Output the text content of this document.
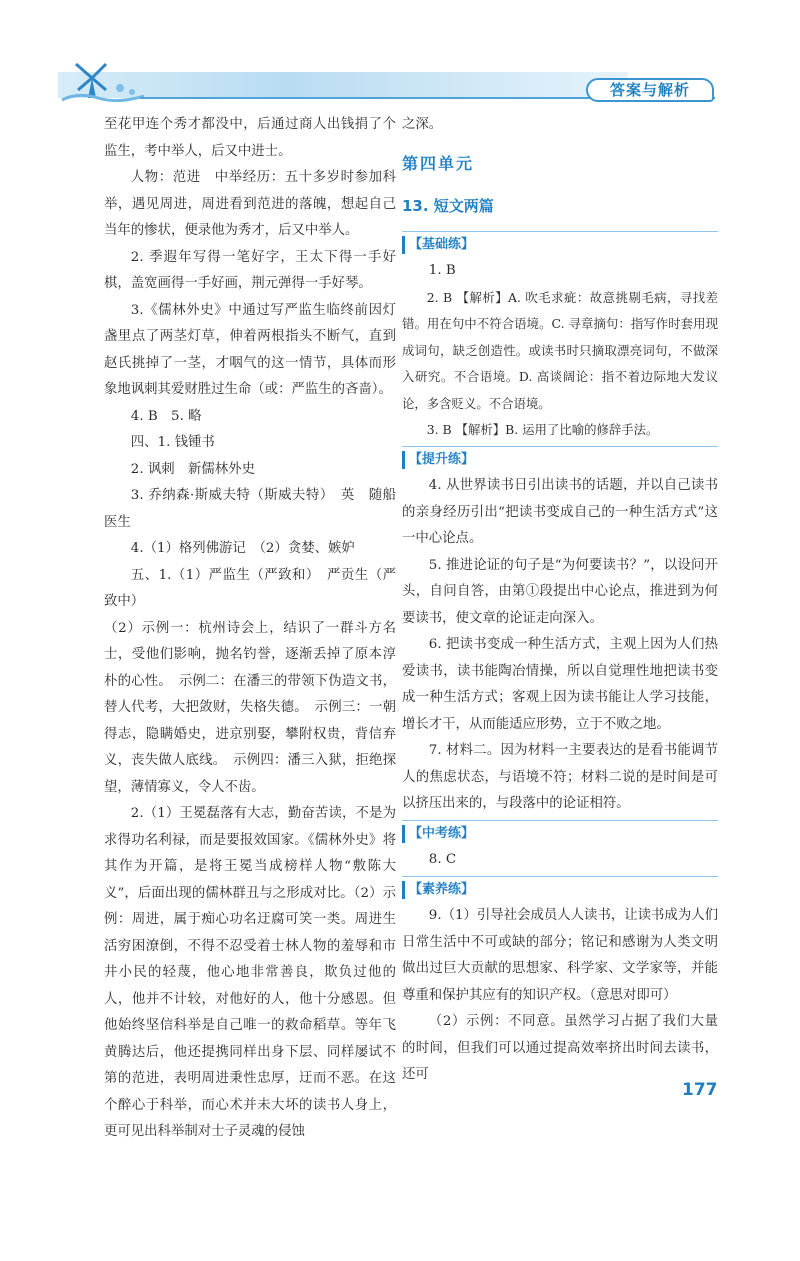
答案与解析

至花甲连个秀才都没中，后通过商人出钱捐了个监生，考中举人，后又中进士。

人物：范进　中举经历：五十多岁时参加科举，遇见周进，周进看到范进的落魄，想起自己当年的惨状，便录他为秀才，后又中举人。

2. 季遐年写得一笔好字，王太下得一手好棋，盖宽画得一手好画，荆元弹得一手好琴。

3.《儒林外史》中通过写严监生临终前因灯盏里点了两茎灯草，伸着两根指头不断气，直到赵氏挑掉了一茎，才咽气的这一情节，具体而形象地讽刺其爱财胜过生命（或：严监生的吝啬）。

4. B　5. 略

四、1. 钱锺书

2. 讽刺　新儒林外史

3. 乔纳森·斯威夫特（斯威夫特）　英　随船医生

4.（1）格列佛游记　（2）贪婪、嫉妒

五、1.（1）严监生（严致和）　严贡生（严致中）

（2）示例一：杭州诗会上，结识了一群斗方名士，受他们影响，抛名钓誉，逐渐丢掉了原本淳朴的心性。　示例二：在潘三的带领下伪造文书，替人代考，大把敛财，失格失德。　示例三：一朝得志，隐瞒婚史，进京别娶，攀附权贵，背信弃义，丧失做人底线。　示例四：潘三入狱，拒绝探望，薄情寡义，令人不齿。

2.（1）王冕磊落有大志，勤奋苦读，不是为求得功名利禄，而是要报效国家。《儒林外史》将其作为开篇，是将王冕当成榜样人物“敷陈大义”，后面出现的儒林群丑与之形成对比。（2）示例：周进，属于痴心功名迂腐可笑一类。周进生活穷困潦倒，不得不忍受着士林人物的羞辱和市井小民的轻蔑，他心地非常善良，欺负过他的人，他并不计较，对他好的人，他十分感恩。但他始终坚信科举是自己唯一的救命稻草。等年飞黄腾达后，他还提携同样出身下层、同样屡试不第的范进，表明周进秉性忠厚，迂而不恶。在这个醉心于科举，而心术并未大坏的读书人身上，更可见出科举制对士子灵魂的侵蚀

之深。

第四单元

13. 短文两篇

【基础练】

1. B

2. B 【解析】A. 吹毛求疵：故意挑剔毛病，寻找差错。用在句中不符合语境。C. 寻章摘句：指写作时套用现成词句，缺乏创造性。或读书时只摘取漂亮词句，不做深入研究。不合语境。D. 高谈阔论：指不着边际地大发议论，多含贬义。不合语境。

3. B 【解析】B. 运用了比喻的修辞手法。

【提升练】

4. 从世界读书日引出读书的话题，并以自己读书的亲身经历引出“把读书变成自己的一种生活方式”这一中心论点。

5. 推进论证的句子是“为何要读书？”，以设问开头，自问自答，由第①段提出中心论点，推进到为何要读书，使文章的论证走向深入。

6. 把读书变成一种生活方式，主观上因为人们热爱读书，读书能陶冶情操，所以自觉理性地把读书变成一种生活方式；客观上因为读书能让人学习技能，增长才干，从而能适应形势，立于不败之地。

7. 材料二。因为材料一主要表达的是看书能调节人的焦虑状态，与语境不符；材料二说的是时间是可以挤压出来的，与段落中的论证相符。

【中考练】

8. C

【素养练】

9.（1）引导社会成员人人读书，让读书成为人们日常生活中不可或缺的部分；铭记和感谢为人类文明做出过巨大贡献的思想家、科学家、文学家等，并能尊重和保护其应有的知识产权。（意思对即可）

（2）示例：不同意。虽然学习占据了我们大量的时间，但我们可以通过提高效率挤出时间去读书，还可

177
